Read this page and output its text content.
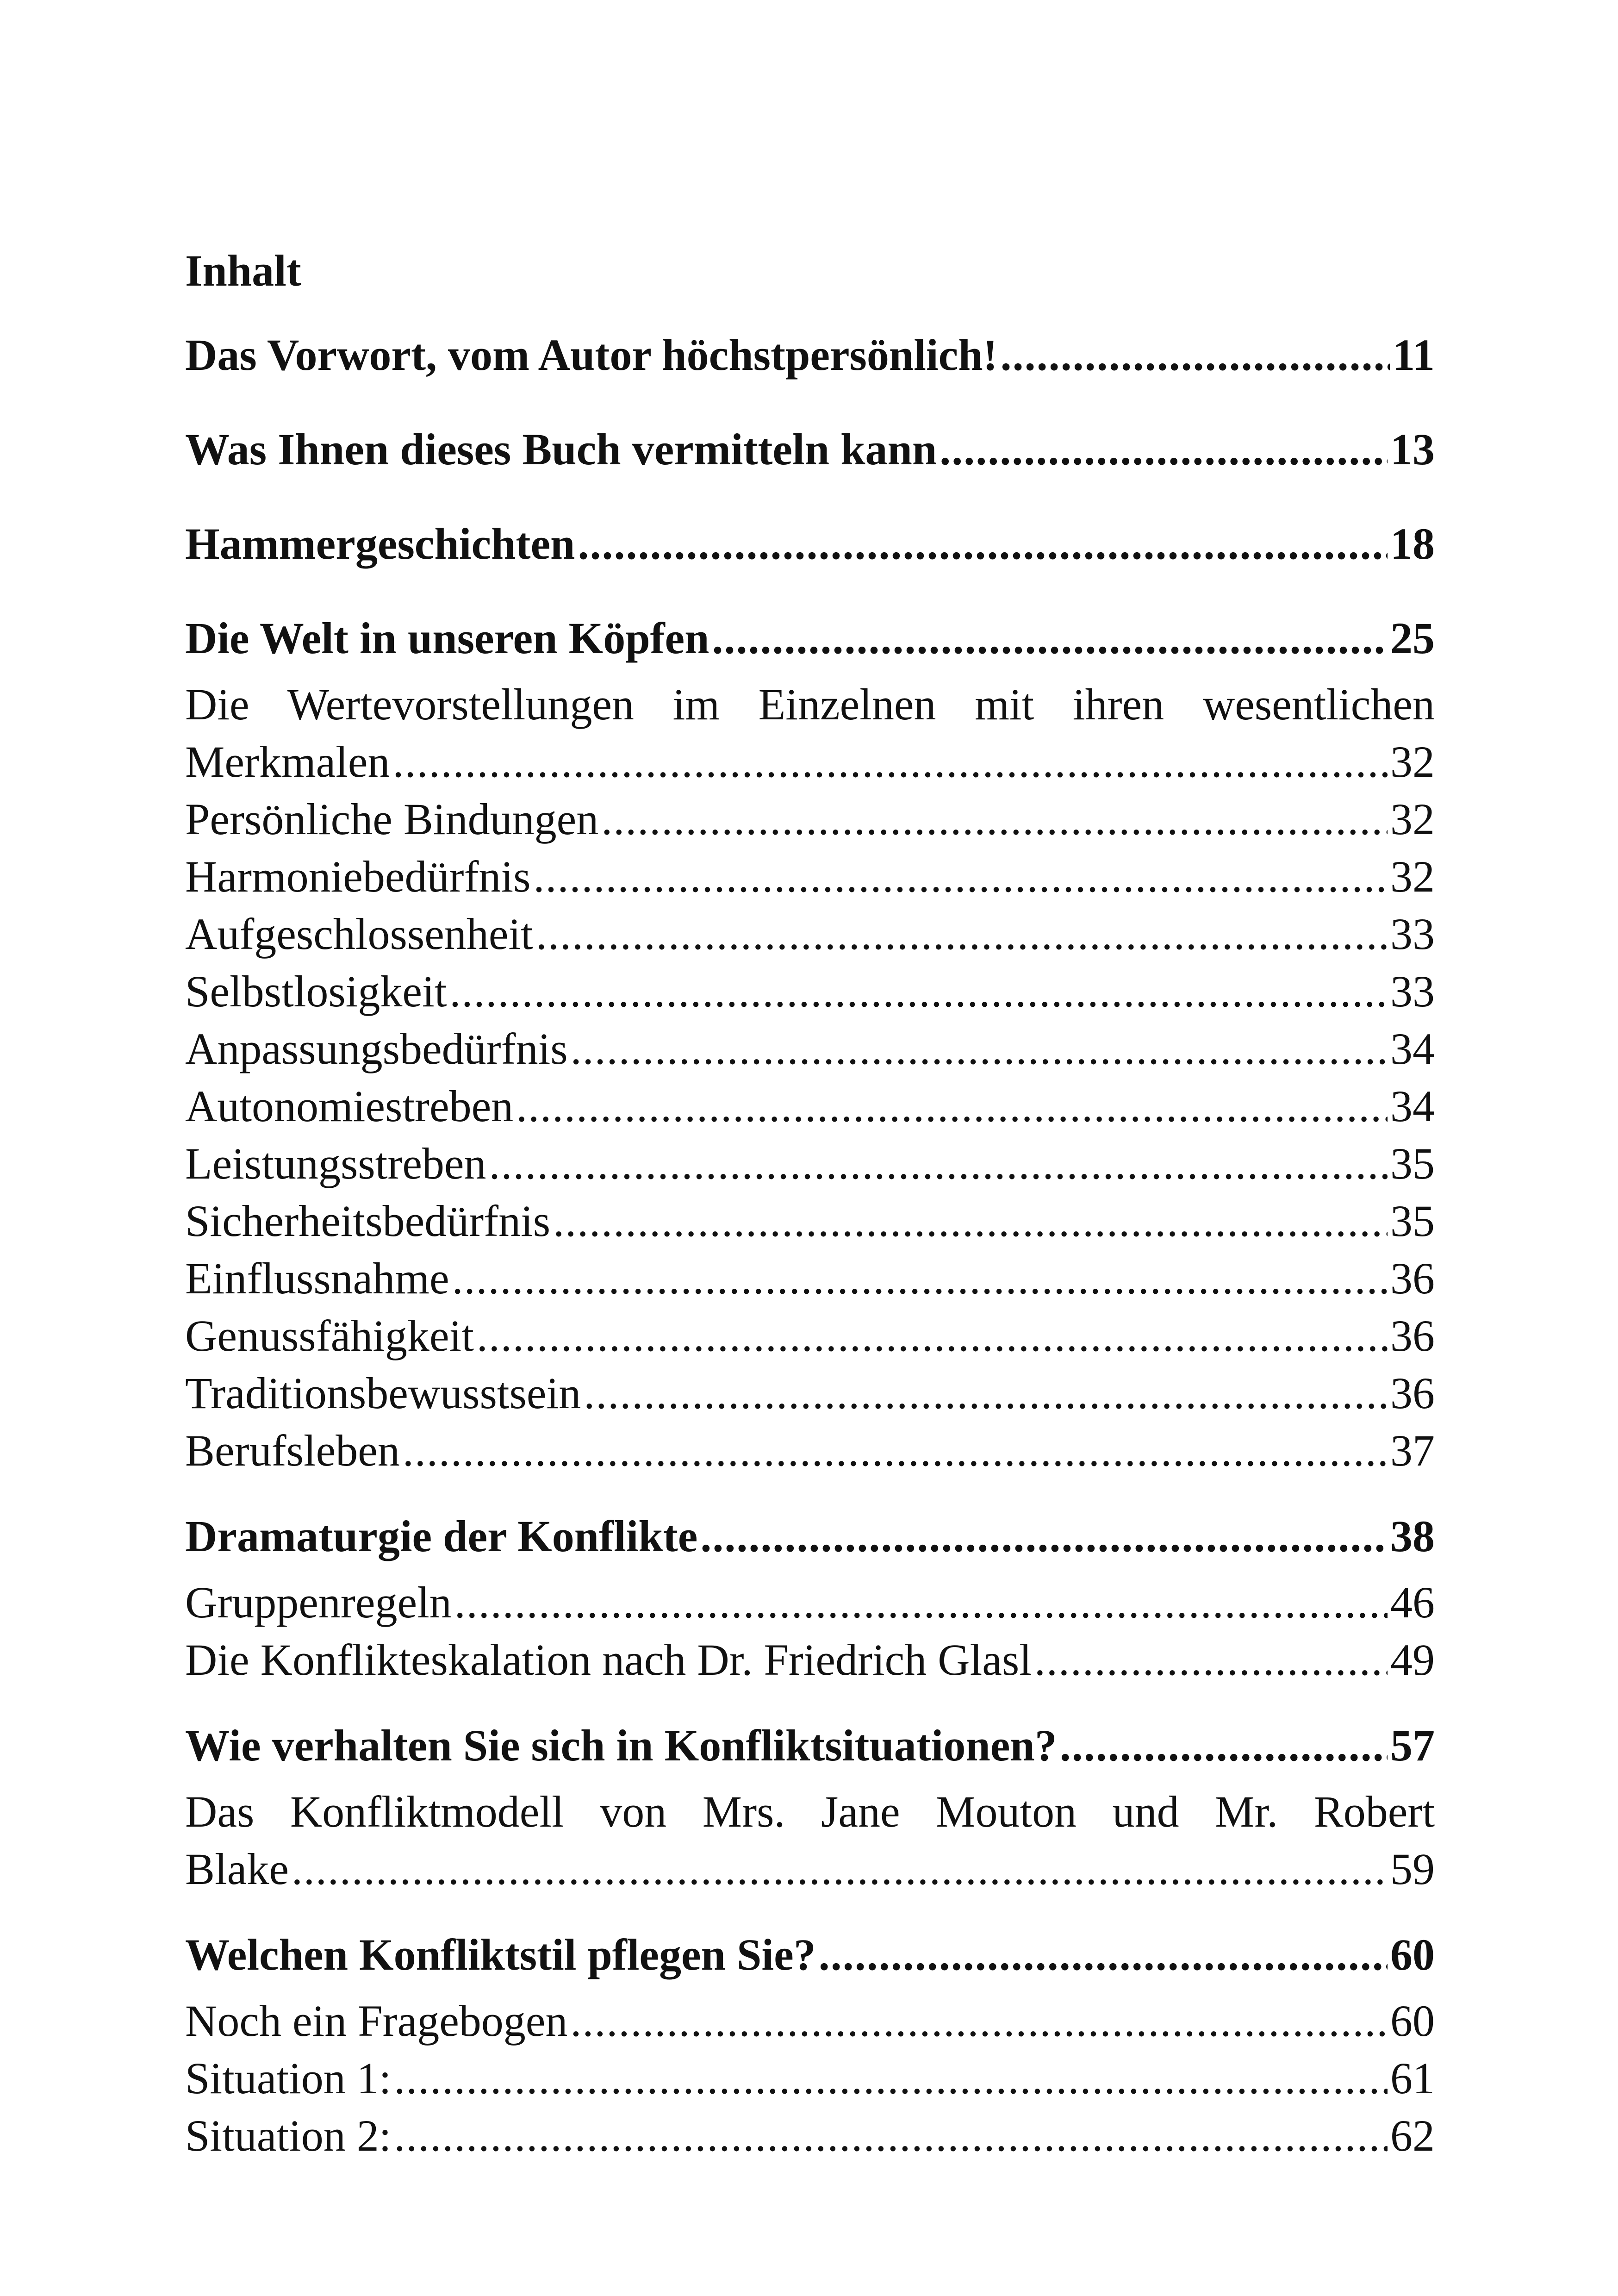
Inhalt
Das Vorwort, vom Autor höchstpersönlich! .....	11
Was Ihnen dieses Buch vermitteln kann .....	13
Hammergeschichten .....	18
Die Welt in unseren Köpfen .....	25
Die Wertevorstellungen im Einzelnen mit ihren wesentlichen
Merkmalen .....	32
Persönliche Bindungen .....	32
Harmoniebedürfnis .....	32
Aufgeschlossenheit .....	33
Selbstlosigkeit .....	33
Anpassungsbedürfnis .....	34
Autonomiestreben .....	34
Leistungsstreben .....	35
Sicherheitsbedürfnis .....	35
Einflussnahme .....	36
Genussfähigkeit .....	36
Traditionsbewusstsein .....	36
Berufsleben .....	37
Dramaturgie der Konflikte .....	38
Gruppenregeln .....	46
Die Konflikteskalation nach Dr. Friedrich Glasl .....	49
Wie verhalten Sie sich in Konfliktsituationen? .....	57
Das Konfliktmodell von Mrs. Jane Mouton und Mr. Robert
Blake .....	59
Welchen Konfliktstil pflegen Sie? .....	60
Noch ein Fragebogen .....	60
Situation 1: .....	61
Situation 2: .....	62
